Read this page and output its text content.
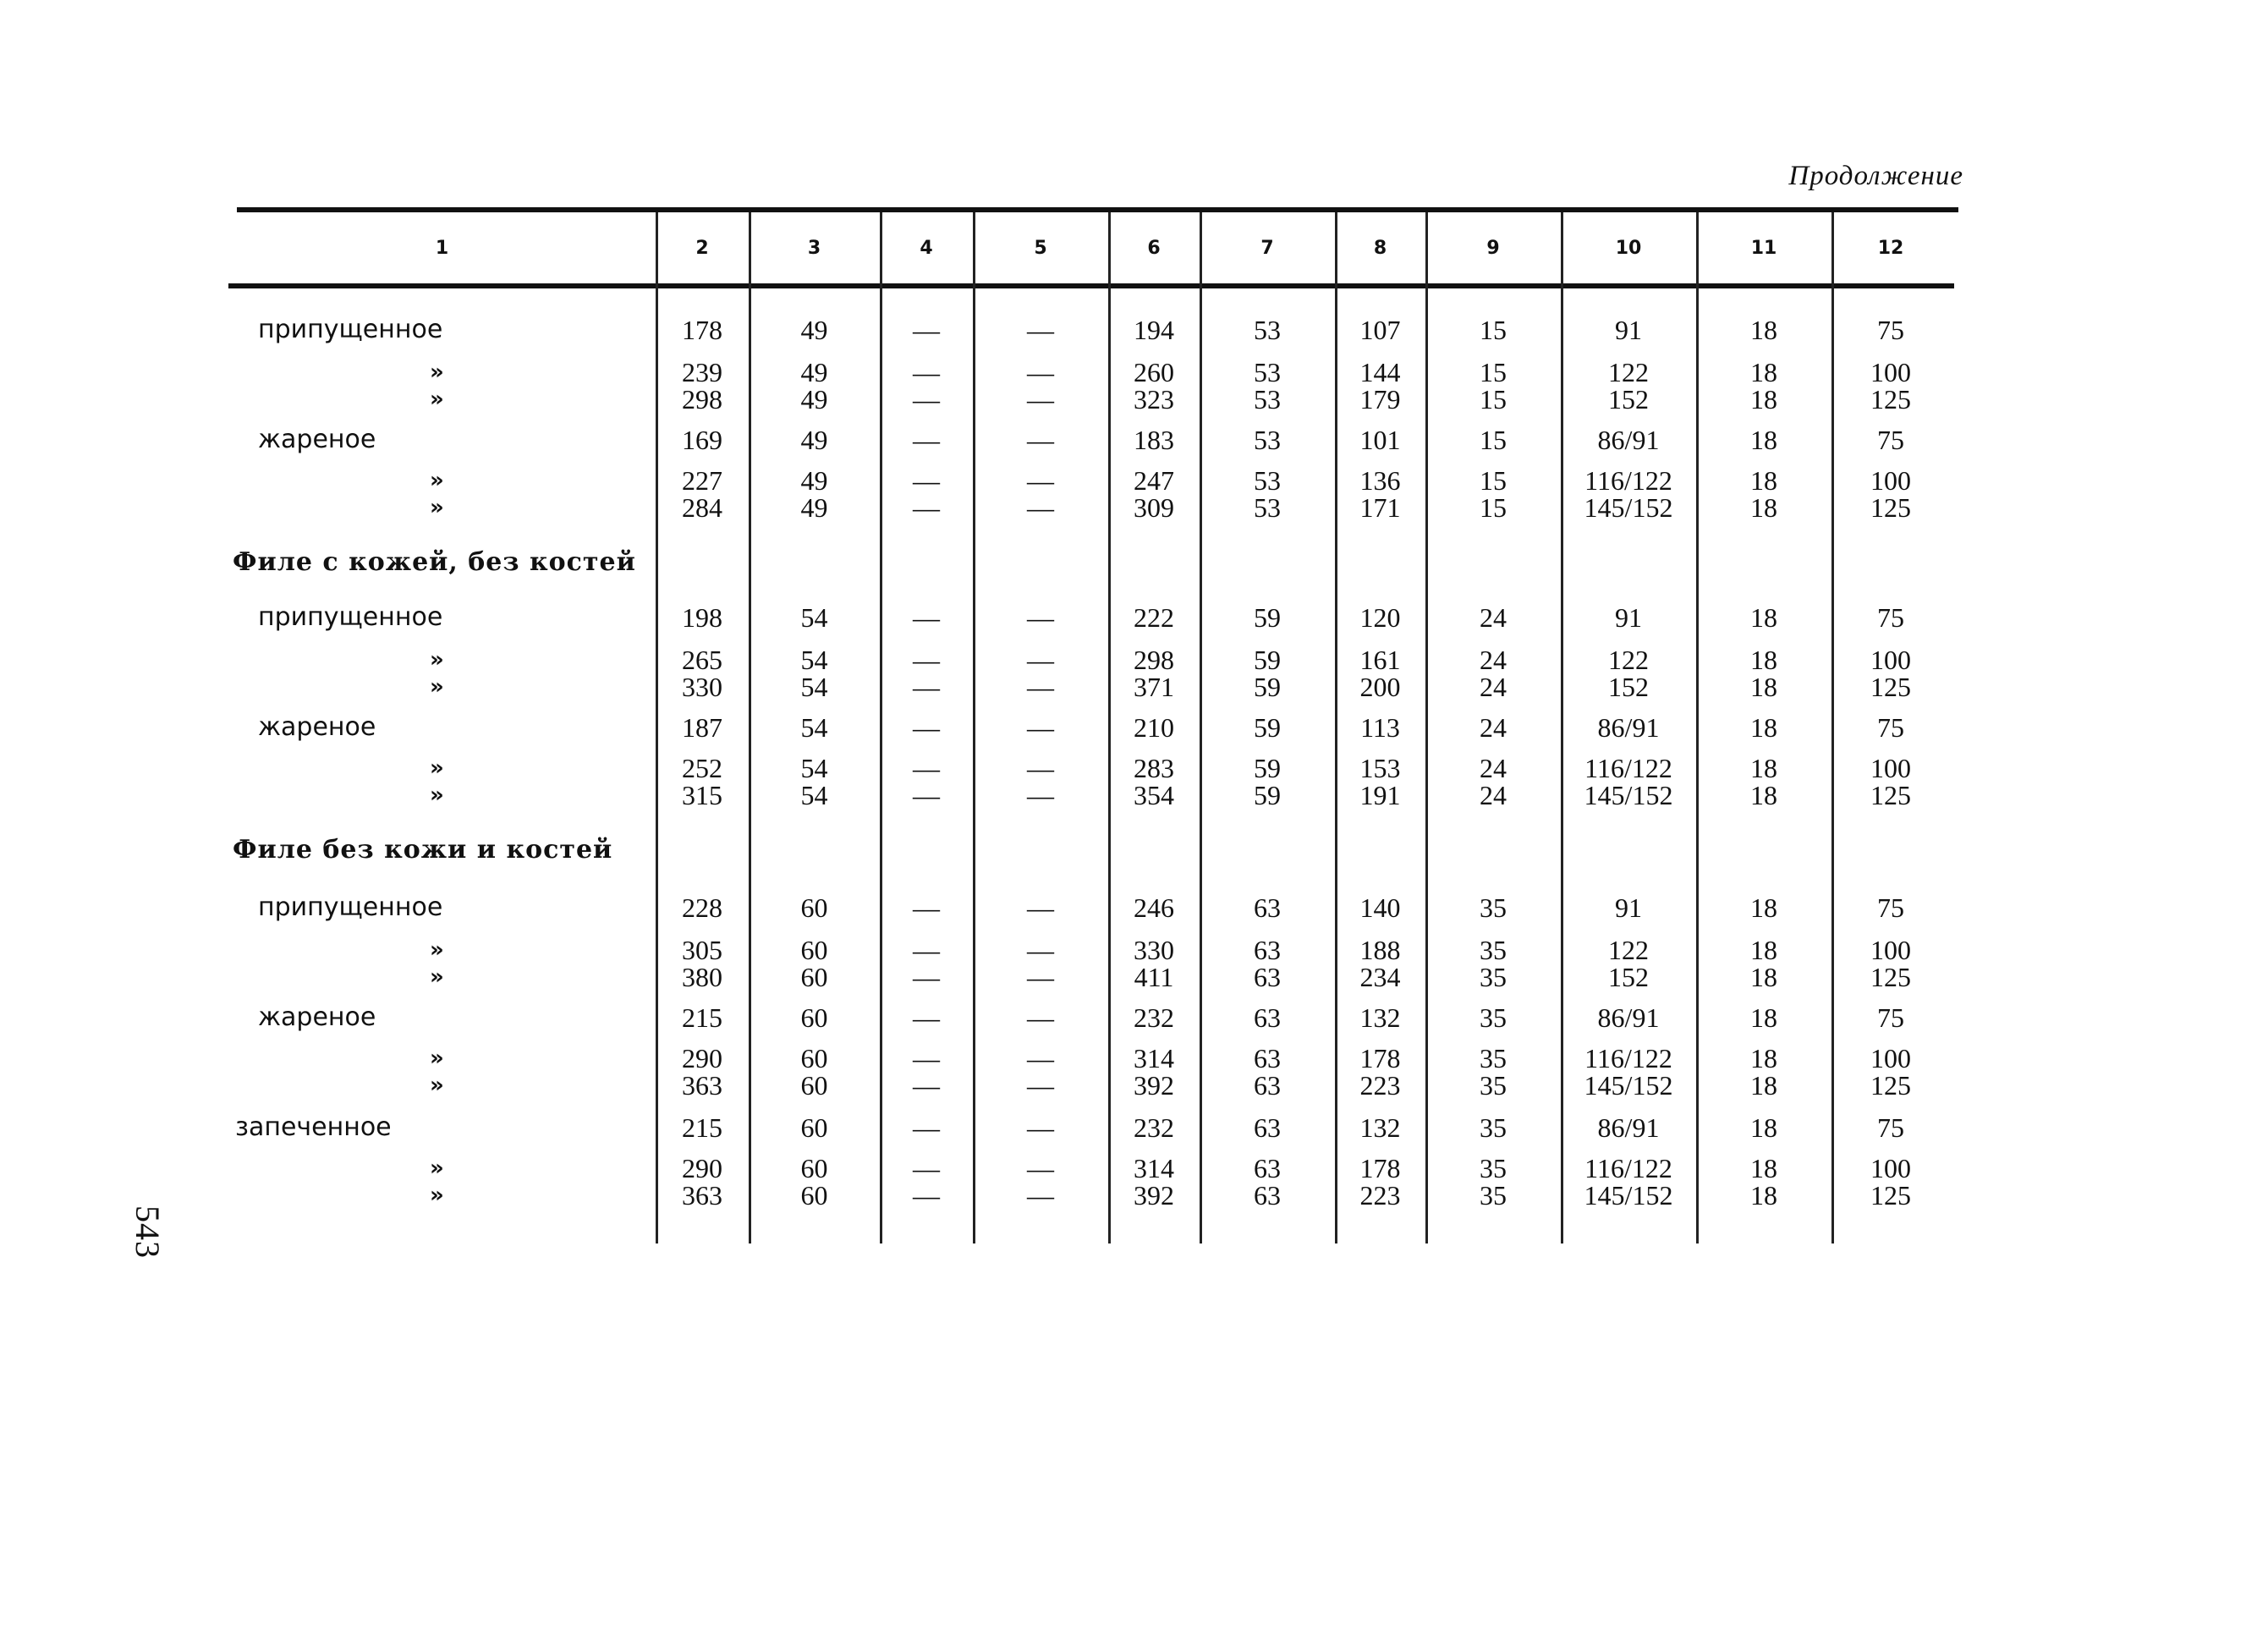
Продолжение
543
1	2	3	4	5	6	7	8	9	10	11	12
припущенное	178	49	—	—	194	53	107	15	91	18	75
»	239	49	—	—	260	53	144	15	122	18	100
»	298	49	—	—	323	53	179	15	152	18	125
жареное	169	49	—	—	183	53	101	15	86/91	18	75
»	227	49	—	—	247	53	136	15	116/122	18	100
»	284	49	—	—	309	53	171	15	145/152	18	125
Филе с кожей, без костей
припущенное	198	54	—	—	222	59	120	24	91	18	75
»	265	54	—	—	298	59	161	24	122	18	100
»	330	54	—	—	371	59	200	24	152	18	125
жареное	187	54	—	—	210	59	113	24	86/91	18	75
»	252	54	—	—	283	59	153	24	116/122	18	100
»	315	54	—	—	354	59	191	24	145/152	18	125
Филе без кожи и костей
припущенное	228	60	—	—	246	63	140	35	91	18	75
»	305	60	—	—	330	63	188	35	122	18	100
»	380	60	—	—	411	63	234	35	152	18	125
жареное	215	60	—	—	232	63	132	35	86/91	18	75
»	290	60	—	—	314	63	178	35	116/122	18	100
»	363	60	—	—	392	63	223	35	145/152	18	125
запеченное	215	60	—	—	232	63	132	35	86/91	18	75
»	290	60	—	—	314	63	178	35	116/122	18	100
»	363	60	—	—	392	63	223	35	145/152	18	125
